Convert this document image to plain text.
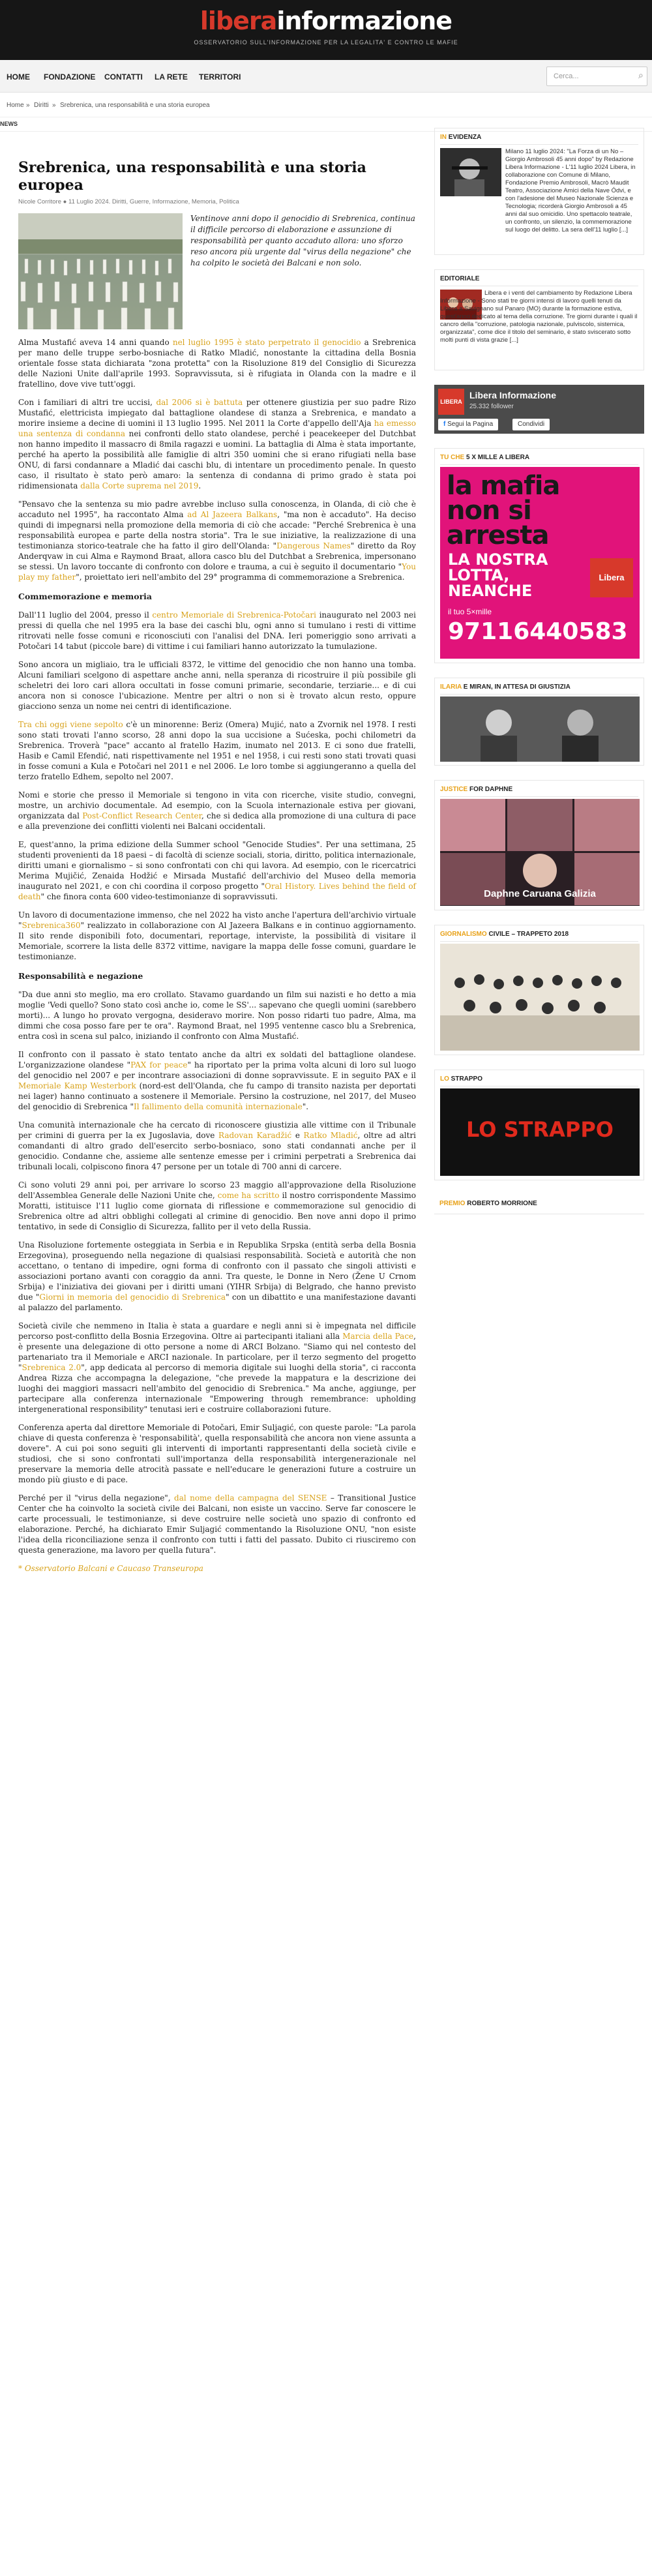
liberainformazione
OSSERVATORIO SULL'INFORMAZIONE PER LA LEGALITA' E CONTRO LE MAFIE
HOME FONDAZIONE CONTATTI LA RETE TERRITORI	Cerca...	⌕
Home » Diritti » Srebrenica, una responsabilità e una storia europea
NEWS
Srebrenica, una responsabilità e una storia europea
Nicole Corritore ● 11 Luglio 2024. Diritti, Guerre, Informazione, Memoria, Politica
Ventinove anni dopo il genocidio di Srebrenica, continua il difficile percorso di elaborazione e assunzione di responsabilità per quanto accaduto allora: uno sforzo reso ancora più urgente dal "virus della negazione" che ha colpito le società dei Balcani e non solo.

Alma Mustafić aveva 14 anni quando nel luglio 1995 è stato perpetrato il genocidio a Srebrenica per mano delle truppe serbo-bosniache di Ratko Mladić, nonostante la cittadina della Bosnia orientale fosse stata dichiarata "zona protetta" con la Risoluzione 819 del Consiglio di Sicurezza delle Nazioni Unite dall'aprile 1993. Sopravvissuta, si è rifugiata in Olanda con la madre e il fratellino, dove vive tutt'oggi.

Con i familiari di altri tre uccisi, dal 2006 si è battuta per ottenere giustizia per suo padre Rizo Mustafić, elettricista impiegato dal battaglione olandese di stanza a Srebrenica, e mandato a morire insieme a decine di uomini il 13 luglio 1995. Nel 2011 la Corte d'appello dell'Aja ha emesso una sentenza di condanna nei confronti dello stato olandese, perché i peacekeeper del Dutchbat non hanno impedito il massacro di 8mila ragazzi e uomini. La battaglia di Alma è stata importante, perché ha aperto la possibilità alle famiglie di altri 350 uomini che si erano rifugiati nella base ONU, di farsi condannare a Mladić dai caschi blu, di intentare un procedimento penale. In questo caso, il risultato è stato però amaro: la sentenza di condanna di primo grado è stata poi ridimensionata dalla Corte suprema nel 2019.

"Pensavo che la sentenza su mio padre avrebbe incluso sulla conoscenza, in Olanda, di ciò che è accaduto nel 1995", ha raccontato Alma ad Al Jazeera Balkans, "ma non è accaduto". Ha deciso quindi di impegnarsi nella promozione della memoria di ciò che accade: "Perché Srebrenica è una responsabilità europea e parte della nostra storia". Tra le sue iniziative, la realizzazione di una testimonianza storico-teatrale che ha fatto il giro dell'Olanda: "Dangerous Names" diretto da Roy Anderqvaw in cui Alma e Raymond Braat, allora casco blu del Dutchbat a Srebrenica, impersonano se stessi. Un lavoro toccante di confronto con dolore e trauma, a cui è seguito il documentario "You play my father", proiettato ieri nell'ambito del 29° programma di commemorazione a Srebrenica.

Commemorazione e memoria

Dall'11 luglio del 2004, presso il centro Memoriale di Srebrenica-Potočari inaugurato nel 2003 nei pressi di quella che nel 1995 era la base dei caschi blu, ogni anno si tumulano i resti di vittime ritrovati nelle fosse comuni e riconosciuti con l'analisi del DNA. Ieri pomeriggio sono arrivati a Potočari 14 tabut (piccole bare) di vittime i cui familiari hanno autorizzato la tumulazione.

Sono ancora un migliaio, tra le ufficiali 8372, le vittime del genocidio che non hanno una tomba. Alcuni familiari scelgono di aspettare anche anni, nella speranza di ricostruire il più possibile gli scheletri dei loro cari allora occultati in fosse comuni primarie, secondarie, terziarie... e di cui ancora non si conosce l'ubicazione. Mentre per altri o non si è trovato alcun resto, oppure giacciono senza un nome nei centri di identificazione.

Tra chi oggi viene sepolto c'è un minorenne: Beriz (Omera) Mujić, nato a Zvornik nel 1978. I resti sono stati trovati l'anno scorso, 28 anni dopo la sua uccisione a Sućeska, pochi chilometri da Srebrenica. Troverà "pace" accanto al fratello Hazim, inumato nel 2013. E ci sono due fratelli, Hasib e Camil Efendić, nati rispettivamente nel 1951 e nel 1958, i cui resti sono stati trovati quasi in fosse comuni a Kula e Potočari nel 2011 e nel 2006. Le loro tombe si aggiungeranno a quella del terzo fratello Edhem, sepolto nel 2007.

Nomi e storie che presso il Memoriale si tengono in vita con ricerche, visite studio, convegni, mostre, un archivio documentale. Ad esempio, con la Scuola internazionale estiva per giovani, organizzata dal Post-Conflict Research Center, che si dedica alla promozione di una cultura di pace e alla prevenzione dei conflitti violenti nei Balcani occidentali.

E, quest'anno, la prima edizione della Summer school "Genocide Studies". Per una settimana, 25 studenti provenienti da 18 paesi – di facoltà di scienze sociali, storia, diritto, politica internazionale, diritti umani e giornalismo – si sono confrontati con chi qui lavora. Ad esempio, con le ricercatrici Merima Mujičić, Zenaida Hodžić e Mirsada Mustafić dell'archivio del Museo della memoria inaugurato nel 2021, e con chi coordina il corposo progetto "Oral History. Lives behind the field of death" che finora conta 600 video-testimonianze di sopravvissuti.

Un lavoro di documentazione immenso, che nel 2022 ha visto anche l'apertura dell'archivio virtuale "Srebrenica360" realizzato in collaborazione con Al Jazeera Balkans e in continuo aggiornamento. Il sito rende disponibili foto, documentari, reportage, interviste, la possibilità di visitare il Memoriale, scorrere la lista delle 8372 vittime, navigare la mappa delle fosse comuni, guardare le testimonianze.

Responsabilità e negazione

"Da due anni sto meglio, ma ero crollato. Stavamo guardando un film sui nazisti e ho detto a mia moglie 'Vedi quello? Sono stato così anche io, come le SS'... sapevano che quegli uomini (sarebbero morti)... A lungo ho provato vergogna, desideravo morire. Non posso ridarti tuo padre, Alma, ma dimmi che cosa posso fare per te ora". Raymond Braat, nel 1995 ventenne casco blu a Srebrenica, entra così in scena sul palco, iniziando il confronto con Alma Mustafić.

Il confronto con il passato è stato tentato anche da altri ex soldati del battaglione olandese. L'organizzazione olandese "PAX for peace" ha riportato per la prima volta alcuni di loro sul luogo del genocidio nel 2007 e per incontrare associazioni di donne sopravvissute. E in seguito PAX e il Memoriale Kamp Westerbork (nord-est dell'Olanda, che fu campo di transito nazista per deportati nei lager) hanno continuato a sostenere il Memoriale. Persino la costruzione, nel 2017, del Museo del genocidio di Srebrenica "Il fallimento della comunità internazionale".

Una comunità internazionale che ha cercato di riconoscere giustizia alle vittime con il Tribunale per crimini di guerra per la ex Jugoslavia, dove Radovan Karadžić e Ratko Mladić, oltre ad altri comandanti di altro grado dell'esercito serbo-bosniaco, sono stati condannati anche per il genocidio. Condanne che, assieme alle sentenze emesse per i crimini perpetrati a Srebrenica dai tribunali locali, colpiscono finora 47 persone per un totale di 700 anni di carcere.

Ci sono voluti 29 anni poi, per arrivare lo scorso 23 maggio all'approvazione della Risoluzione dell'Assemblea Generale delle Nazioni Unite che, come ha scritto il nostro corrispondente Massimo Moratti, istituisce l'11 luglio come giornata di riflessione e commemorazione sul genocidio di Srebrenica oltre ad altri obblighi collegati al crimine di genocidio. Ben nove anni dopo il primo tentativo, in sede di Consiglio di Sicurezza, fallito per il veto della Russia.

Una Risoluzione fortemente osteggiata in Serbia e in Republika Srpska (entità serba della Bosnia Erzegovina), proseguendo nella negazione di qualsiasi responsabilità. Società e autorità che non accettano, o tentano di impedire, ogni forma di confronto con il passato che singoli attivisti e associazioni portano avanti con coraggio da anni. Tra queste, le Donne in Nero (Žene U Crnom Srbija) e l'iniziativa dei giovani per i diritti umani (YIHR Srbija) di Belgrado, che hanno previsto due "Giorni in memoria del genocidio di Srebrenica" con un dibattito e una manifestazione davanti al palazzo del parlamento.

Società civile che nemmeno in Italia è stata a guardare e negli anni si è impegnata nel difficile percorso post-conflitto della Bosnia Erzegovina. Oltre ai partecipanti italiani alla Marcia della Pace, è presente una delegazione di otto persone a nome di ARCI Bolzano. "Siamo qui nel contesto del partenariato tra il Memoriale e ARCI nazionale. In particolare, per il terzo segmento del progetto "Srebrenica 2.0", app dedicata al percorso di memoria digitale sui luoghi della storia", ci racconta Andrea Rizza che accompagna la delegazione, "che prevede la mappatura e la descrizione dei luoghi dei maggiori massacri nell'ambito del genocidio di Srebrenica." Ma anche, aggiunge, per partecipare alla conferenza internazionale "Empowering through remembrance: upholding intergenerational responsibility" tenutasi ieri e costruire collaborazioni future.

Conferenza aperta dal direttore Memoriale di Potočari, Emir Suljagić, con queste parole: "La parola chiave di questa conferenza è 'responsabilità', quella responsabilità che ancora non viene assunta a dovere". A cui poi sono seguiti gli interventi di importanti rappresentanti della società civile e studiosi, che si sono confrontati sull'importanza della responsabilità intergenerazionale nel preservare la memoria delle atrocità passate e nell'educare le generazioni future a costruire un mondo più giusto e di pace.

Perché per il "virus della negazione", dal nome della campagna del SENSE – Transitional Justice Center che ha coinvolto la società civile dei Balcani, non esiste un vaccino. Serve far conoscere le carte processuali, le testimonianze, si deve costruire nelle società uno spazio di confronto ed elaborazione. Perché, ha dichiarato Emir Suljagić commentando la Risoluzione ONU, "non esiste l'idea della riconciliazione senza il confronto con tutti i fatti del passato. Dubito ci riusciremo con questa generazione, ma lavoro per quella futura".

* Osservatorio Balcani e Caucaso Transeuropa

IN EVIDENZA
Milano 11 luglio 2024: "La Forza di un No – Giorgio Ambrosoli 45 anni dopo" by Redazione Libera Informazione - L'11 luglio 2024 Libera, in collaborazione con Comune di Milano, Fondazione Premio Ambrosoli, Macrò Maudit Teatro, Associazione Amici della Nave Ódvi, e con l'adesione del Museo Nazionale Scienza e Tecnologia; ricorderà Giorgio Ambrosoli a 45 anni dal suo omicidio. Uno spettacolo teatrale, un confronto, un silenzio, la commemorazione sul luogo del delitto. La sera dell'11 luglio [...]
EDITORIALE
Libera e i venti del cambiamento by Redazione Libera Informazione - Sono stati tre giorni intensi di lavoro quelli tenuti da Libera a Savignano sul Panaro (MO) durante la formazione estiva, quest'anno dedicato al tema della corruzione. Tre giorni durante i quali il cancro della "corruzione, patologia nazionale, pulviscolo, sistemica, organizzata", come dice il titolo del seminario, è stato sviscerato sotto molti punti di vista grazie [...]
LIBERA
Libera Informazione
25.332 follower
f Segui la Pagina	Condividi
TU CHE 5 X MILLE A LIBERA
la mafia
non si
arresta
LA NOSTRA
LOTTA,
NEANCHE
Libera
il tuo 5×mille
97116440583
ILARIA E MIRAN, IN ATTESA DI GIUSTIZIA
JUSTICE FOR DAPHNE
Daphne Caruana Galizia
GIORNALISMO CIVILE – TRAPPETO 2018
LO STRAPPO
LO STRAPPO
PREMIO ROBERTO MORRIONE
